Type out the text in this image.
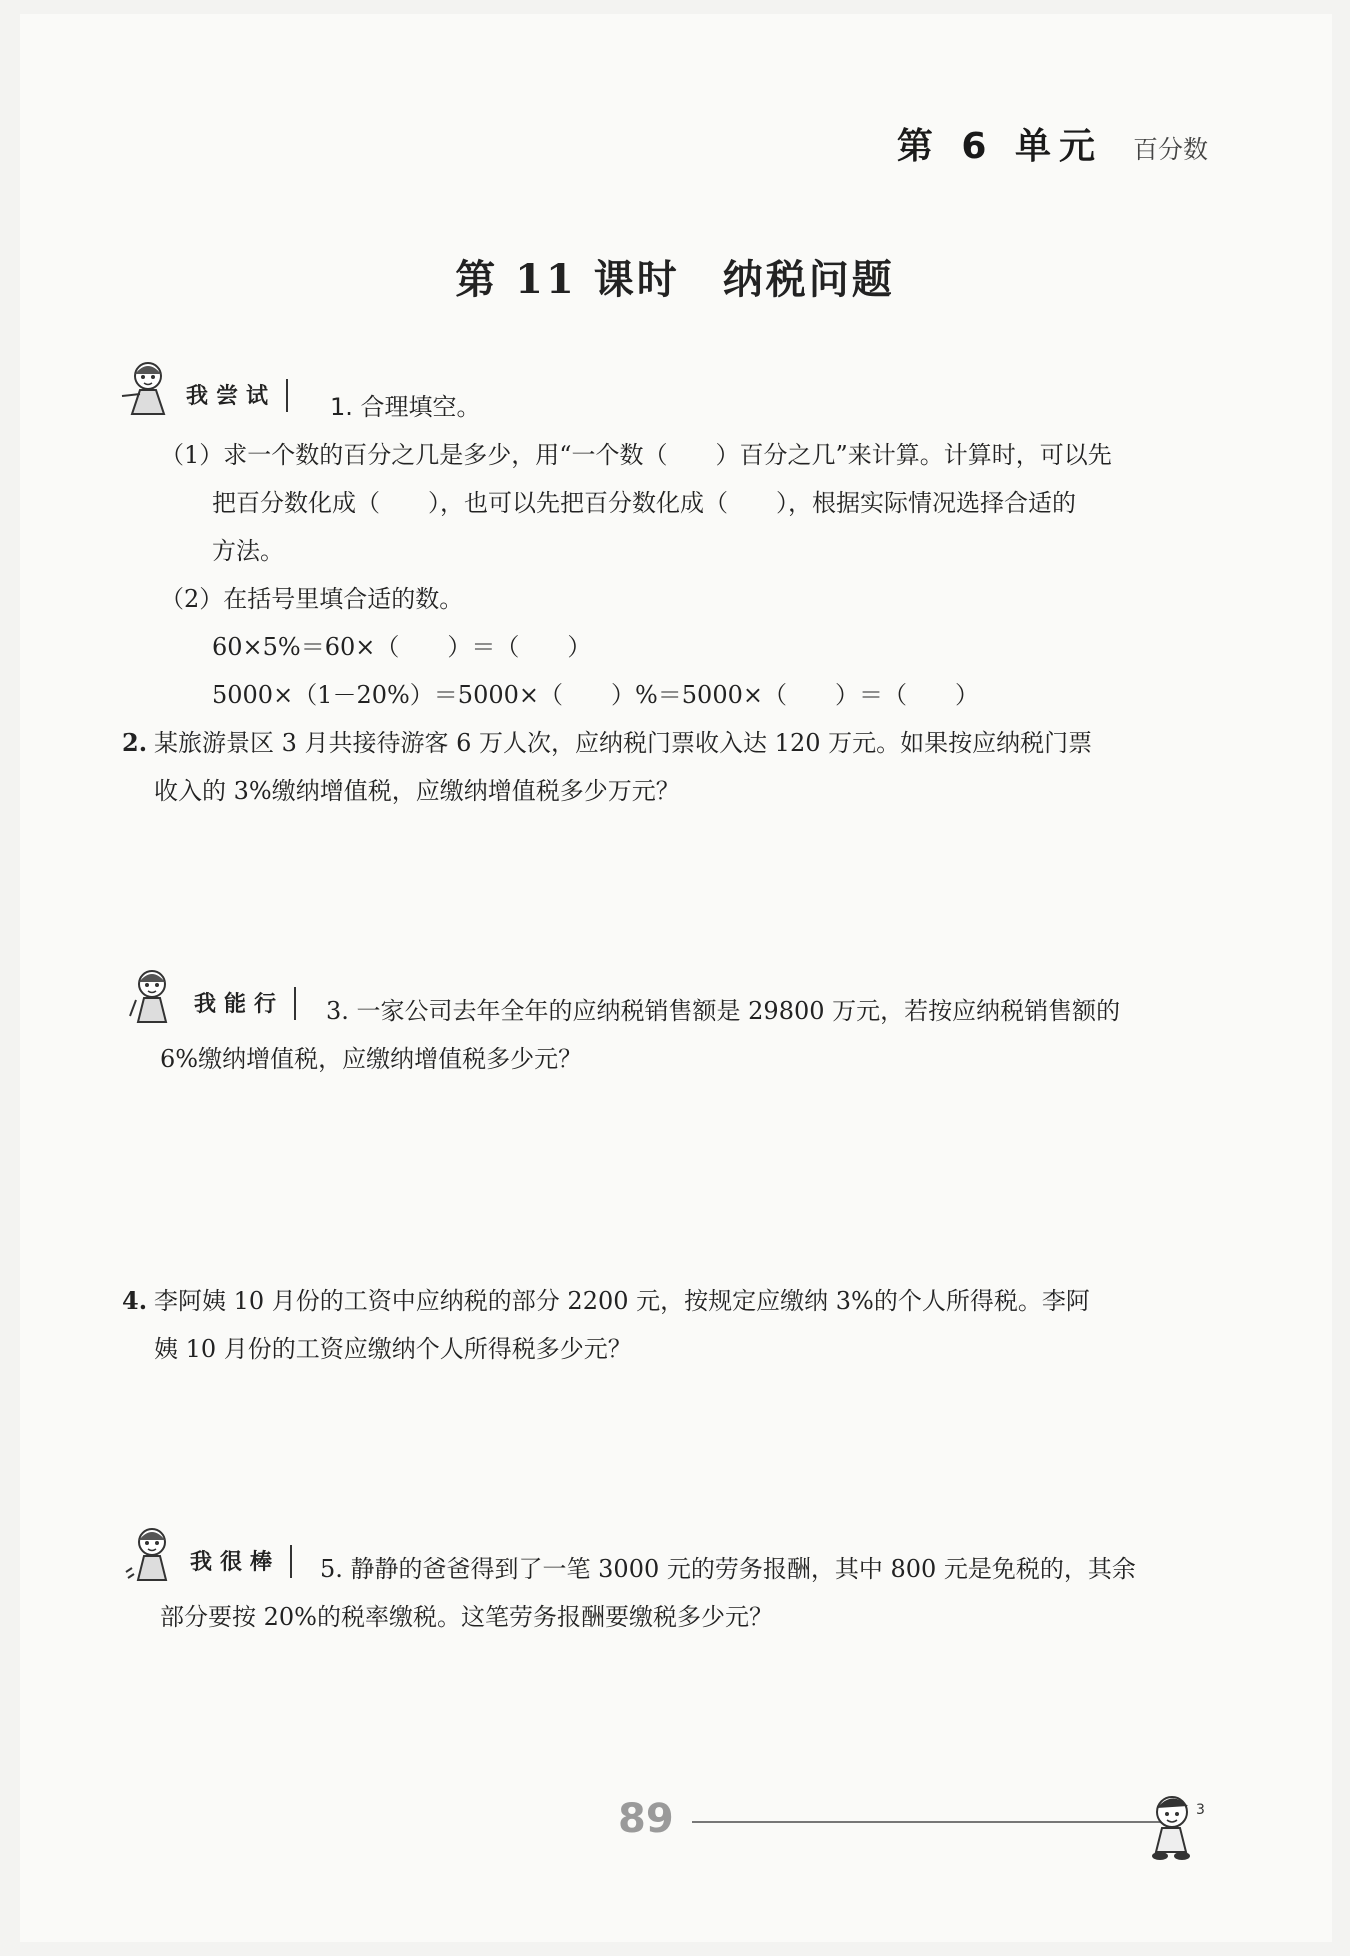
第 6 单元	百分数
第 11 课时　纳税问题
我尝试	1. 合理填空。
（1）求一个数的百分之几是多少，用“一个数（　　）百分之几”来计算。计算时，可以先
把百分数化成（　　），也可以先把百分数化成（　　），根据实际情况选择合适的
方法。
（2）在括号里填合适的数。
60×5%＝60×（　　）＝（　　）
5000×（1－20%）＝5000×（　　）%＝5000×（　　）＝（　　）
2. 某旅游景区 3 月共接待游客 6 万人次，应纳税门票收入达 120 万元。如果按应纳税门票
收入的 3%缴纳增值税，应缴纳增值税多少万元？
我能行	3. 一家公司去年全年的应纳税销售额是 29800 万元，若按应纳税销售额的
6%缴纳增值税，应缴纳增值税多少元？
4. 李阿姨 10 月份的工资中应纳税的部分 2200 元，按规定应缴纳 3%的个人所得税。李阿
姨 10 月份的工资应缴纳个人所得税多少元？
我很棒	5. 静静的爸爸得到了一笔 3000 元的劳务报酬，其中 800 元是免税的，其余
部分要按 20%的税率缴税。这笔劳务报酬要缴税多少元？
89	3
